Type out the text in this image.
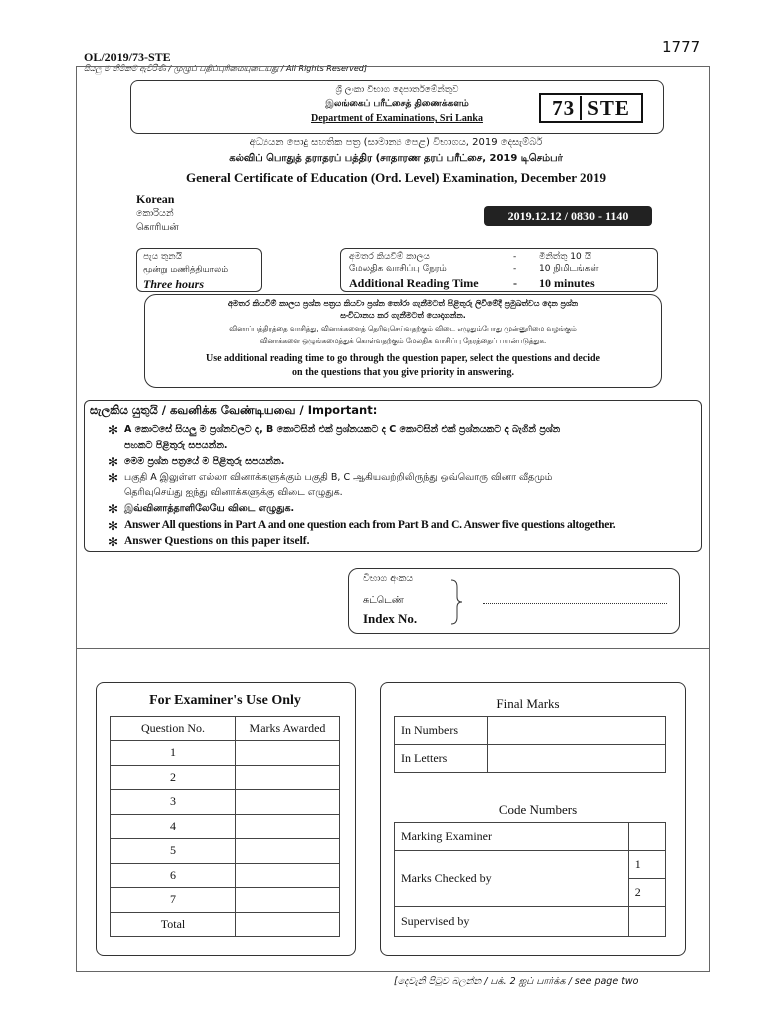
OL/2019/73-STE
සියලු ම හිමිකම් ඇවිරිණි / முழுப் பதிப்புரிமையுடையது / All Rights Reserved]
1777
ශ්‍රී ලංකා විභාග දෙපාර්තමේන්තුව
இலங்கைப் பரீட்சைத் திணைக்களம்
Department of Examinations, Sri Lanka	73 STE
අධ්‍යයන පොදු සහතික පත්‍ර (සාමාන්‍ය පෙළ) විභාගය, 2019 දෙසැම්බර්
கல்விப் பொதுத் தராதரப் பத்திர (சாதாரண தரப் பரீட்சை, 2019 டிசெம்பர்
General Certificate of Education (Ord. Level) Examination, December 2019
Korean
කොරියන්
கொரியன்
2019.12.12 / 0830 - 1140
පැය තුනයි
மூன்று மணித்தியாலம்
Three hours
අමතර කියවීම් කාලය	-	මිනිත්තු 10 යි
மேலதிக வாசிப்பு நேரம்	-	10 நிமிடங்கள்
Additional Reading Time	- 10 minutes
අමතර කියවීම් කාලය ප්‍රශ්න පත්‍රය කියවා ප්‍රශ්න තෝරා ගැනීමටත් පිළිතුරු ලිවීමේදී ප්‍රමුඛත්වය දෙන ප්‍රශ්න
සංවිධානය කර ගැනීමටත් යොදාගන්න.
வினாப்பத்திரத்தை வாசித்து, வினாக்களைத் தெரிவுசெய்வதற்கும் விடை எழுதும்போது முன்னுரிமை வழங்கும்
வினாக்களை ஒழுங்கமைத்துக் கொள்வதற்கும் மேலதிக வாசிப்பு நேரத்தைப் பயன்படுத்துக.
Use additional reading time to go through the question paper, select the questions and decide
on the questions that you give priority in answering.
සැලකිය යුතුයි / கவனிக்க வேண்டியவை / Important:
✻ A කොටසේ සියලු ම ප්‍රශ්නවලට ද, B කොටසින් එක් ප්‍රශ්නයකට ද C කොටසින් එක් ප්‍රශ්නයකට ද බැගින් ප්‍රශ්න
පහකට පිළිතුරු සපයන්න.
✻ මෙම ප්‍රශ්න පත්‍රයේ ම පිළිතුරු සපයන්න.
✻ பகுதி A இலுள்ள எல்லா வினாக்களுக்கும் பகுதி B, C ஆகியவற்றிலிருந்து ஒவ்வொரு வினா வீதமும்
தெரிவுசெய்து ஐந்து வினாக்களுக்கு விடை எழுதுக.
✻ இவ்வினாத்தாளிலேயே விடை எழுதுக.
✻ Answer All questions in Part A and one question each from Part B and C. Answer five questions altogether.
✻ Answer Questions on this paper itself.
විභාග අංකය
சுட்டெண்
Index No.
For Examiner's Use Only
Question No.	Marks Awarded
1	
2	
3	
4	
5	
6	
7	
Total	
Final Marks
In Numbers	
In Letters	
Code Numbers
Marking Examiner	
Marks Checked by	1
	2
Supervised by	
[දෙවැනි පිටුව බලන්න / பக். 2 ஐப் பார்க்க / see page two
